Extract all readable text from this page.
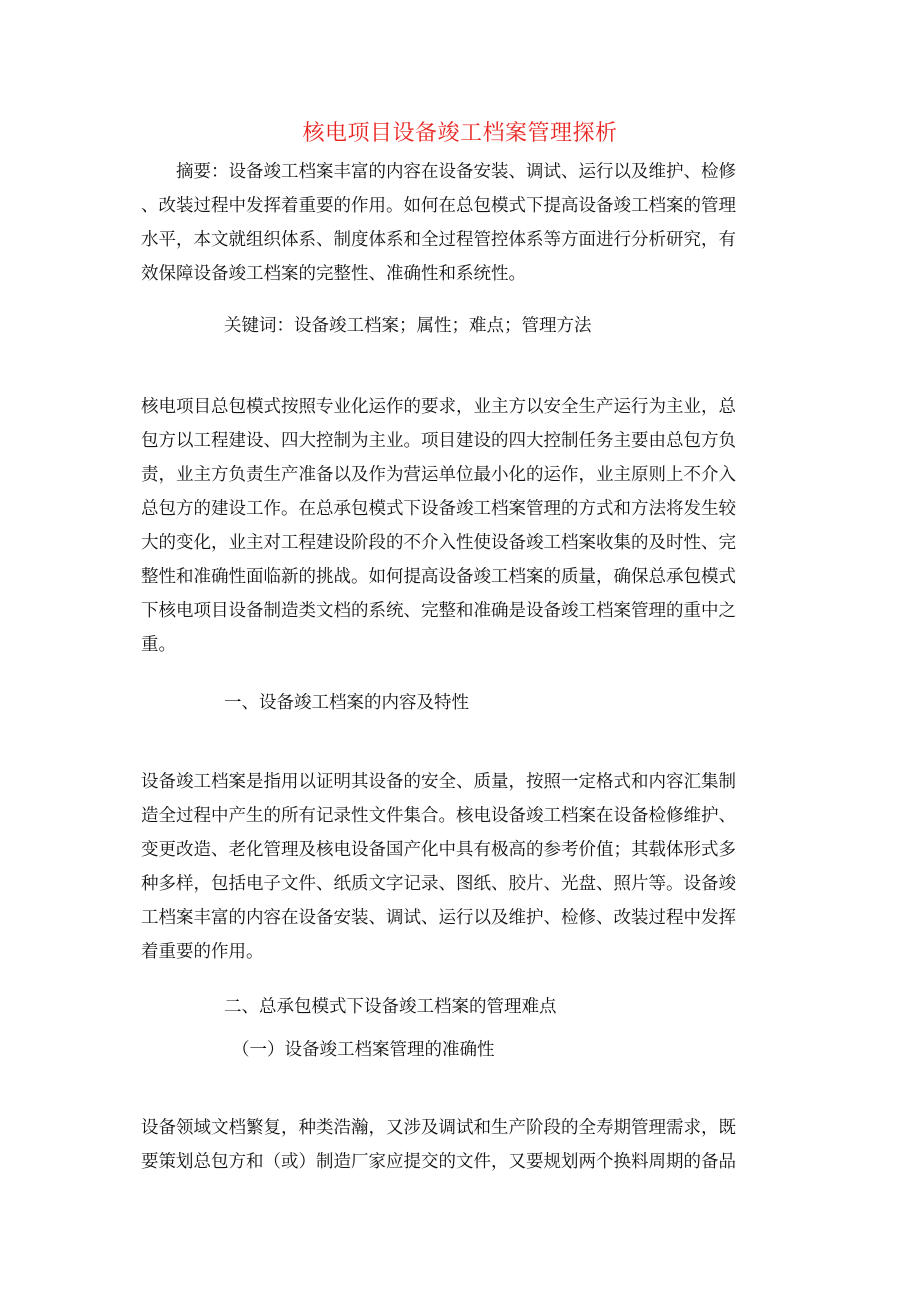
核电项目设备竣工档案管理探析
摘要：设备竣工档案丰富的内容在设备安装、调试、运行以及维护、检修
、改装过程中发挥着重要的作用。如何在总包模式下提高设备竣工档案的管理
水平，本文就组织体系、制度体系和全过程管控体系等方面进行分析研究，有
效保障设备竣工档案的完整性、准确性和系统性。
关键词：设备竣工档案；属性；难点；管理方法
核电项目总包模式按照专业化运作的要求，业主方以安全生产运行为主业，总
包方以工程建设、四大控制为主业。项目建设的四大控制任务主要由总包方负
责，业主方负责生产准备以及作为营运单位最小化的运作，业主原则上不介入
总包方的建设工作。在总承包模式下设备竣工档案管理的方式和方法将发生较
大的变化，业主对工程建设阶段的不介入性使设备竣工档案收集的及时性、完
整性和准确性面临新的挑战。如何提高设备竣工档案的质量，确保总承包模式
下核电项目设备制造类文档的系统、完整和准确是设备竣工档案管理的重中之
重。
一、设备竣工档案的内容及特性
设备竣工档案是指用以证明其设备的安全、质量，按照一定格式和内容汇集制
造全过程中产生的所有记录性文件集合。核电设备竣工档案在设备检修维护、
变更改造、老化管理及核电设备国产化中具有极高的参考价值；其载体形式多
种多样，包括电子文件、纸质文字记录、图纸、胶片、光盘、照片等。设备竣
工档案丰富的内容在设备安装、调试、运行以及维护、检修、改装过程中发挥
着重要的作用。
二、总承包模式下设备竣工档案的管理难点
（一）设备竣工档案管理的准确性
设备领域文档繁复，种类浩瀚，又涉及调试和生产阶段的全寿期管理需求，既
要策划总包方和（或）制造厂家应提交的文件，又要规划两个换料周期的备品
